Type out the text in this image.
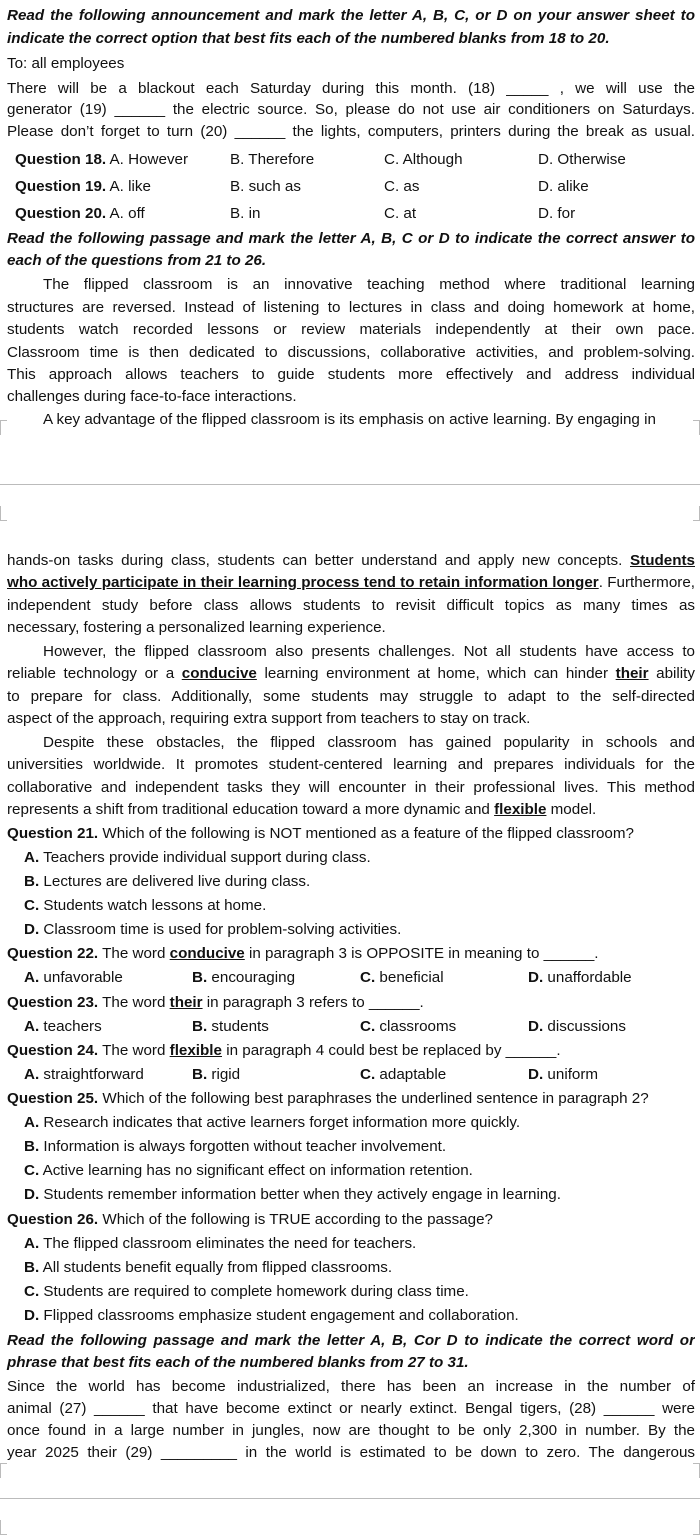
Read the following announcement and mark the letter A, B, C, or D on your answer sheet to
indicate the correct option that best fits each of the numbered blanks from 18 to 20.
To: all employees
There will be a blackout each Saturday during this month. (18) _____ , we will use the
generator (19) ______ the electric source. So, please do not use air conditioners on Saturdays.
Please don’t forget to turn (20) ______ the lights, computers, printers during the break as usual.
Question 18. A. However	B. Therefore	C. Although	D. Otherwise
Question 19. A. like	B. such as	C. as	D. alike
Question 20. A. off	B. in	C. at	D. for
Read the following passage and mark the letter A, B, C or D to indicate the correct answer to
each of the questions from 21 to 26.
The flipped classroom is an innovative teaching method where traditional learning
structures are reversed. Instead of listening to lectures in class and doing homework at home,
students watch recorded lessons or review materials independently at their own pace.
Classroom time is then dedicated to discussions, collaborative activities, and problem-solving.
This approach allows teachers to guide students more effectively and address individual
challenges during face-to-face interactions.
A key advantage of the flipped classroom is its emphasis on active learning. By engaging in
hands-on tasks during class, students can better understand and apply new concepts. Students
who actively participate in their learning process tend to retain information longer. Furthermore,
independent study before class allows students to revisit difficult topics as many times as
necessary, fostering a personalized learning experience.
However, the flipped classroom also presents challenges. Not all students have access to
reliable technology or a conducive learning environment at home, which can hinder their ability
to prepare for class. Additionally, some students may struggle to adapt to the self-directed
aspect of the approach, requiring extra support from teachers to stay on track.
Despite these obstacles, the flipped classroom has gained popularity in schools and
universities worldwide. It promotes student-centered learning and prepares individuals for the
collaborative and independent tasks they will encounter in their professional lives. This method
represents a shift from traditional education toward a more dynamic and flexible model.
Question 21. Which of the following is NOT mentioned as a feature of the flipped classroom?
A. Teachers provide individual support during class.
B. Lectures are delivered live during class.
C. Students watch lessons at home.
D. Classroom time is used for problem-solving activities.
Question 22. The word conducive in paragraph 3 is OPPOSITE in meaning to ______.
A. unfavorable	B. encouraging	C. beneficial	D. unaffordable
Question 23. The word their in paragraph 3 refers to ______.
A. teachers	B. students	C. classrooms	D. discussions
Question 24. The word flexible in paragraph 4 could best be replaced by ______.
A. straightforward	B. rigid	C. adaptable	D. uniform
Question 25. Which of the following best paraphrases the underlined sentence in paragraph 2?
A. Research indicates that active learners forget information more quickly.
B. Information is always forgotten without teacher involvement.
C. Active learning has no significant effect on information retention.
D. Students remember information better when they actively engage in learning.
Question 26. Which of the following is TRUE according to the passage?
A. The flipped classroom eliminates the need for teachers.
B. All students benefit equally from flipped classrooms.
C. Students are required to complete homework during class time.
D. Flipped classrooms emphasize student engagement and collaboration.
Read the following passage and mark the letter A, B, Cor D to indicate the correct word or
phrase that best fits each of the numbered blanks from 27 to 31.
Since the world has become industrialized, there has been an increase in the number of
animal (27) ______ that have become extinct or nearly extinct. Bengal tigers, (28) ______ were
once found in a large number in jungles, now are thought to be only 2,300 in number. By the
year 2025 their (29) _________ in the world is estimated to be down to zero. The dangerous
